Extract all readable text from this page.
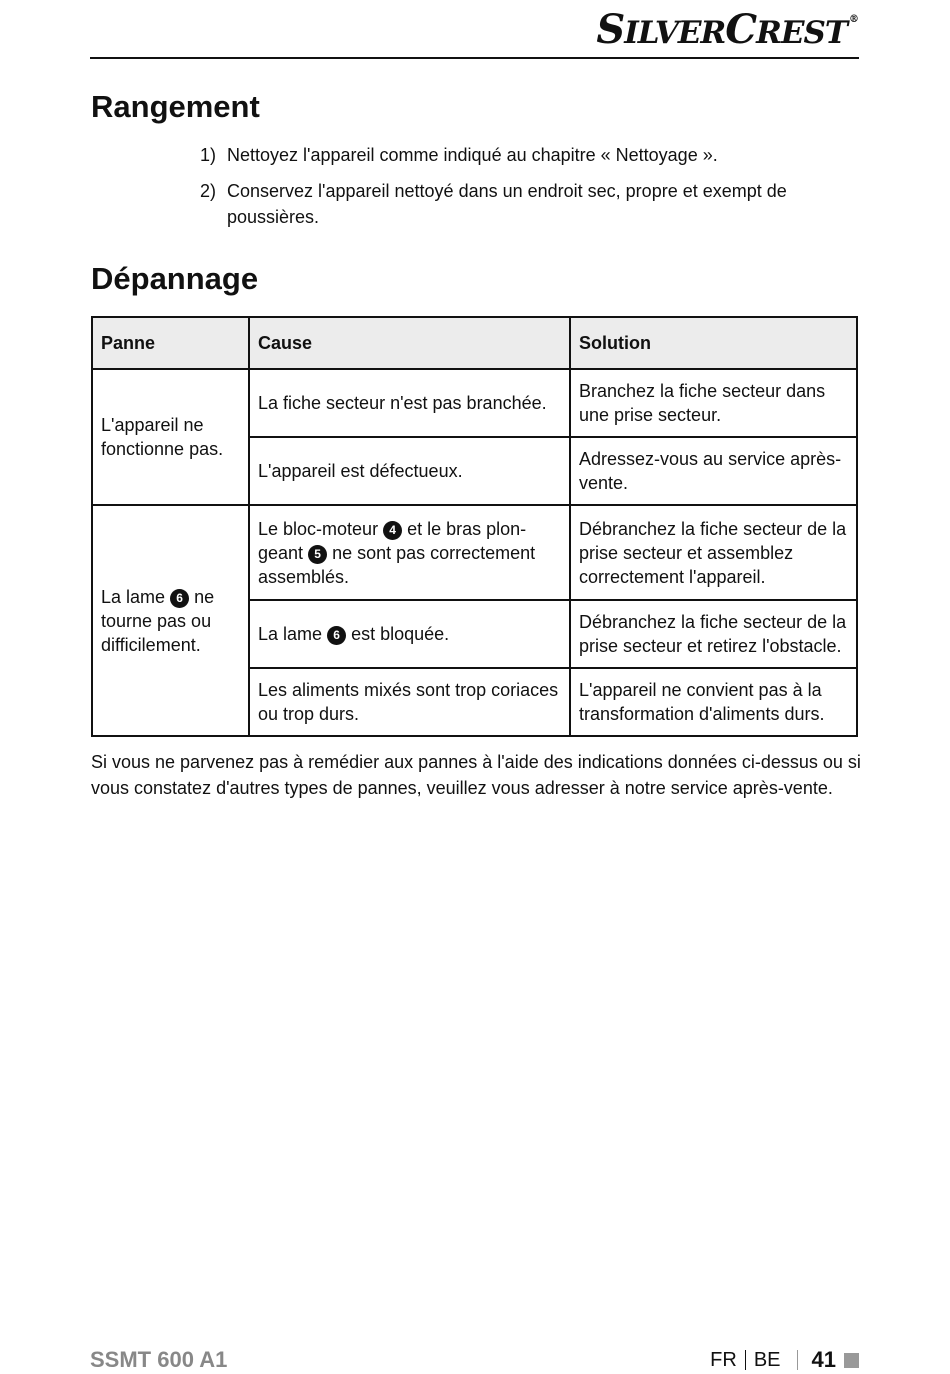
SILVERCREST ®
Rangement
1) Nettoyez l'appareil comme indiqué au chapitre « Nettoyage ».
2) Conservez l'appareil nettoyé dans un endroit sec, propre et exempt de poussières.
Dépannage
Panne	Cause	Solution
L'appareil ne fonctionne pas.	La fiche secteur n'est pas branchée.	Branchez la fiche secteur dans une prise secteur.
	L'appareil est défectueux.	Adressez-vous au service après-vente.
La lame 6 ne tourne pas ou difficilement.	Le bloc-moteur 4 et le bras plon-geant 5 ne sont pas correctement assemblés.	Débranchez la fiche secteur de la prise secteur et assemblez correctement l'appareil.
	La lame 6 est bloquée.	Débranchez la fiche secteur de la prise secteur et retirez l'obstacle.
	Les aliments mixés sont trop coriaces ou trop durs.	L'appareil ne convient pas à la transformation d'aliments durs.
Si vous ne parvenez pas à remédier aux pannes à l'aide des indications données ci-dessus ou si vous constatez d'autres types de pannes, veuillez vous adresser à notre service après-vente.
SSMT 600 A1	FR BE 41
